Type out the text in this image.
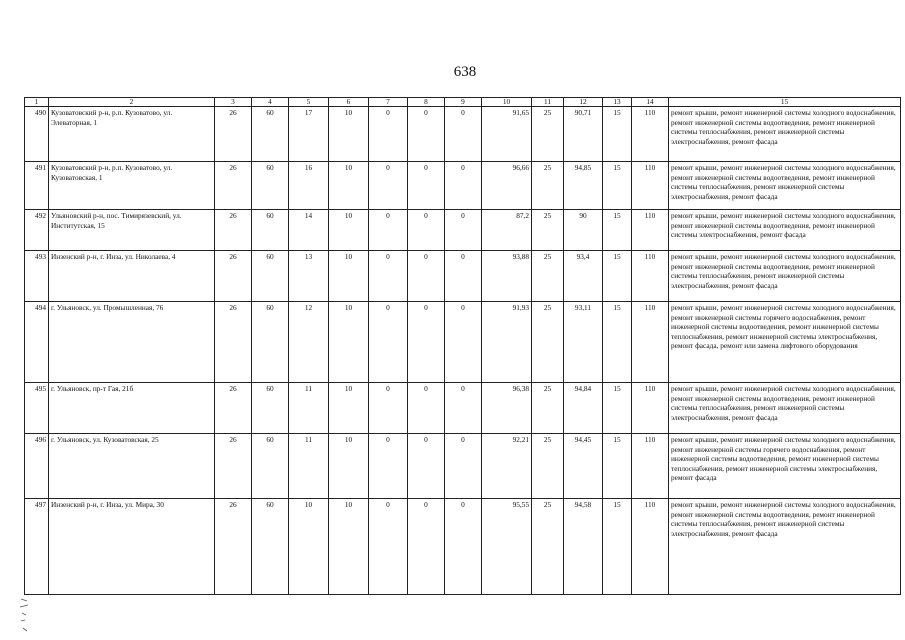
638
1	2	3	4	5	6	7	8	9	10	11	12	13	14	15
490	Кузоватовский р-н, р.п. Кузоватово, ул. Элеваторная, 1	26	60	17	10	0	0	0	91,65	25	90,71	15	110	ремонт крыши, ремонт инженерной системы холодного водоснабжения, ремонт инженерной системы водоотведения, ремонт инженерной системы теплоснабжения, ремонт инженерной системы электроснабжения, ремонт фасада
491	Кузоватовский р-н, р.п. Кузоватово, ул. Кузоватовская, 1	26	60	16	10	0	0	0	96,66	25	94,85	15	110	ремонт крыши, ремонт инженерной системы холодного водоснабжения, ремонт инженерной системы водоотведения, ремонт инженерной системы теплоснабжения, ремонт инженерной системы электроснабжения, ремонт фасада
492	Ульяновский р-н, пос. Тимирязевский, ул. Институтская, 15	26	60	14	10	0	0	0	87,2	25	90	15	110	ремонт крыши, ремонт инженерной системы холодного водоснабжения, ремонт инженерной системы водоотведения, ремонт инженерной системы электроснабжения, ремонт фасада
493	Инзенский р-н, г. Инза, ул. Николаева, 4	26	60	13	10	0	0	0	93,88	25	93,4	15	110	ремонт крыши, ремонт инженерной системы холодного водоснабжения, ремонт инженерной системы водоотведения, ремонт инженерной системы теплоснабжения, ремонт инженерной системы электроснабжения, ремонт фасада
494	г. Ульяновск, ул. Промышленная, 76	26	60	12	10	0	0	0	91,93	25	93,11	15	110	ремонт крыши, ремонт инженерной системы холодного водоснабжения, ремонт инженерной системы горячего водоснабжения, ремонт инженерной системы водоотведения, ремонт инженерной системы теплоснабжения, ремонт инженерной системы электроснабжения, ремонт фасада, ремонт или замена лифтового оборудования
495	г. Ульяновск, пр-т Гая, 21б	26	60	11	10	0	0	0	96,38	25	94,84	15	110	ремонт крыши, ремонт инженерной системы холодного водоснабжения, ремонт инженерной системы водоотведения, ремонт инженерной системы теплоснабжения, ремонт инженерной системы электроснабжения, ремонт фасада
496	г. Ульяновск, ул. Кузоватовская, 25	26	60	11	10	0	0	0	92,21	25	94,45	15	110	ремонт крыши, ремонт инженерной системы холодного водоснабжения, ремонт инженерной системы горячего водоснабжения, ремонт инженерной системы водоотведения, ремонт инженерной системы теплоснабжения, ремонт инженерной системы электроснабжения, ремонт фасада
497	Инзенский р-н, г. Инза, ул. Мира, 30	26	60	10	10	0	0	0	95,55	25	94,58	15	110	ремонт крыши, ремонт инженерной системы холодного водоснабжения, ремонт инженерной системы водоотведения, ремонт инженерной системы теплоснабжения, ремонт инженерной системы электроснабжения, ремонт фасада
